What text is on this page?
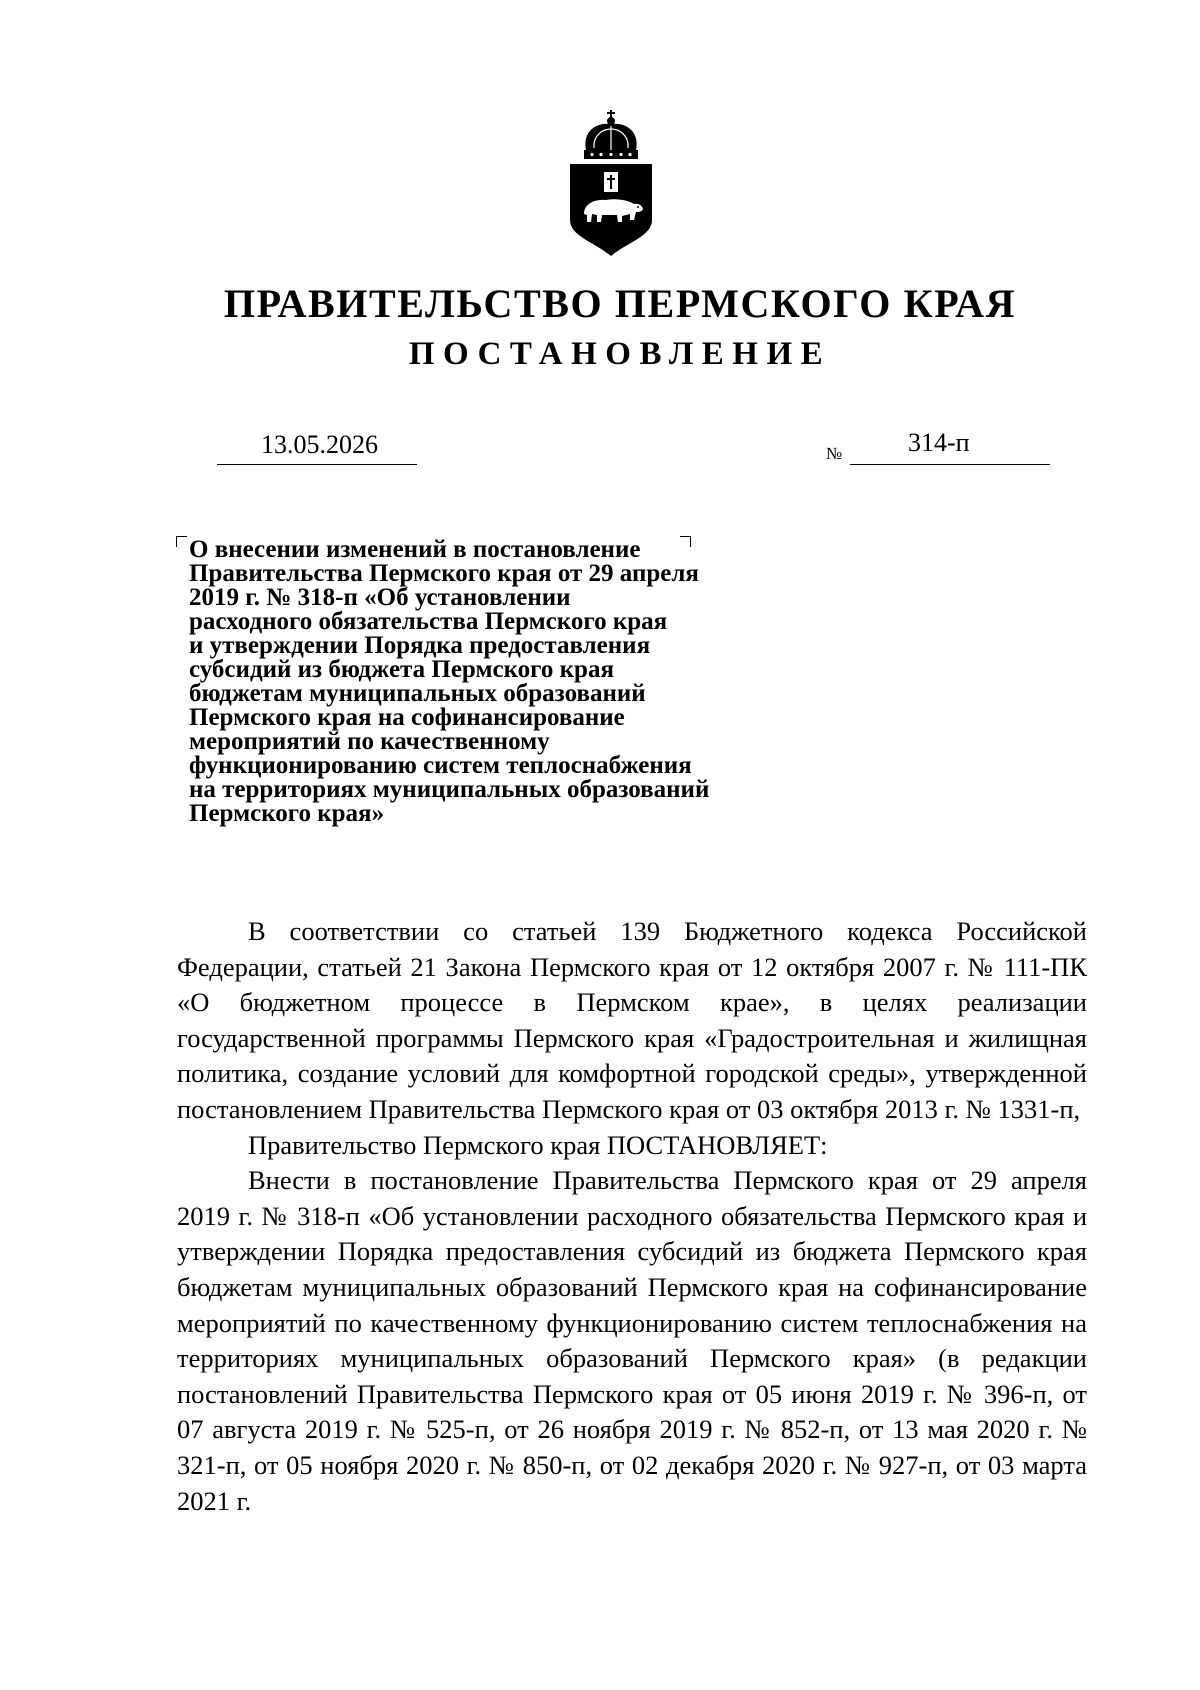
ПРАВИТЕЛЬСТВО ПЕРМСКОГО КРАЯ
ПОСТАНОВЛЕНИЕ
13.05.2026	№	314-п
О внесении изменений в постановление
Правительства Пермского края от 29 апреля
2019 г. № 318-п «Об установлении
расходного обязательства Пермского края
и утверждении Порядка предоставления
субсидий из бюджета Пермского края
бюджетам муниципальных образований
Пермского края на софинансирование
мероприятий по качественному
функционированию систем теплоснабжения
на территориях муниципальных образований
Пермского края»

В соответствии со статьей 139 Бюджетного кодекса Российской Федерации, статьей 21 Закона Пермского края от 12 октября 2007 г. № 111-ПК «О бюджетном процессе в Пермском крае», в целях реализации государственной программы Пермского края «Градостроительная и жилищная политика, создание условий для комфортной городской среды», утвержденной постановлением Правительства Пермского края от 03 октября 2013 г. № 1331-п,

Правительство Пермского края ПОСТАНОВЛЯЕТ:

Внести в постановление Правительства Пермского края от 29 апреля 2019 г. № 318-п «Об установлении расходного обязательства Пермского края и утверждении Порядка предоставления субсидий из бюджета Пермского края бюджетам муниципальных образований Пермского края на софинансирование мероприятий по качественному функционированию систем теплоснабжения на территориях муниципальных образований Пермского края» (в редакции постановлений Правительства Пермского края от 05 июня 2019 г. № 396-п, от 07 августа 2019 г. № 525-п, от 26 ноября 2019 г. № 852-п, от 13 мая 2020 г. № 321-п, от 05 ноября 2020 г. № 850-п, от 02 декабря 2020 г. № 927-п, от 03 марта 2021 г.
